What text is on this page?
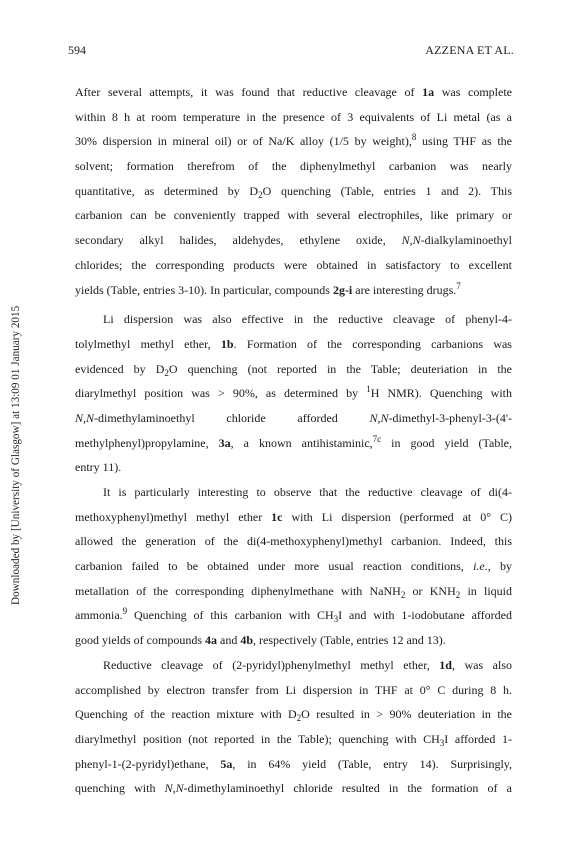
594	AZZENA ET AL.
Downloaded by [University of Glasgow] at 13:09 01 January 2015
After several attempts, it was found that reductive cleavage of 1a was complete
within 8 h at room temperature in the presence of 3 equivalents of Li metal (as a
30% dispersion in mineral oil) or of Na/K alloy (1/5 by weight),$^8$ using THF as the
solvent; formation therefrom of the diphenylmethyl carbanion was nearly
quantitative, as determined by $D_2O$ quenching (Table, entries 1 and 2). This
carbanion can be conveniently trapped with several electrophiles, like primary or
secondary alkyl halides, aldehydes, ethylene oxide, N,N-dialkylaminoethyl
chlorides; the corresponding products were obtained in satisfactory to excellent
yields (Table, entries 3-10). In particular, compounds 2g-i are interesting drugs.$^7$
Li dispersion was also effective in the reductive cleavage of phenyl-4-
tolylmethyl methyl ether, 1b. Formation of the corresponding carbanions was
evidenced by $D_2O$ quenching (not reported in the Table; deuteriation in the
diarylmethyl position was > 90%, as determined by $^1$H NMR). Quenching with
N,N-dimethylaminoethyl chloride afforded N,N-dimethyl-3-phenyl-3-(4'-
methylphenyl)propylamine, 3a, a known antihistaminic,$^{7c}$ in good yield (Table,
entry 11).
It is particularly interesting to observe that the reductive cleavage of di(4-
methoxyphenyl)methyl methyl ether 1c with Li dispersion (performed at 0° C)
allowed the generation of the di(4-methoxyphenyl)methyl carbanion. Indeed, this
carbanion failed to be obtained under more usual reaction conditions, i.e., by
metallation of the corresponding diphenylmethane with NaNH$_2$ or $KNH_2$ in liquid
ammonia.$^9$ Quenching of this carbanion with $CH_3I$ and with 1-iodobutane afforded
good yields of compounds 4a and 4b, respectively (Table, entries 12 and 13).
Reductive cleavage of (2-pyridyl)phenylmethyl methyl ether, 1d, was also
accomplished by electron transfer from Li dispersion in THF at 0° C during 8 h.
Quenching of the reaction mixture with $D_2O$ resulted in > 90% deuteriation in the
diarylmethyl position (not reported in the Table); quenching with $CH_3I$ afforded 1-
phenyl-1-(2-pyridyl)ethane, 5a, in 64% yield (Table, entry 14). Surprisingly,
quenching with N,N-dimethylaminoethyl chloride resulted in the formation of a
